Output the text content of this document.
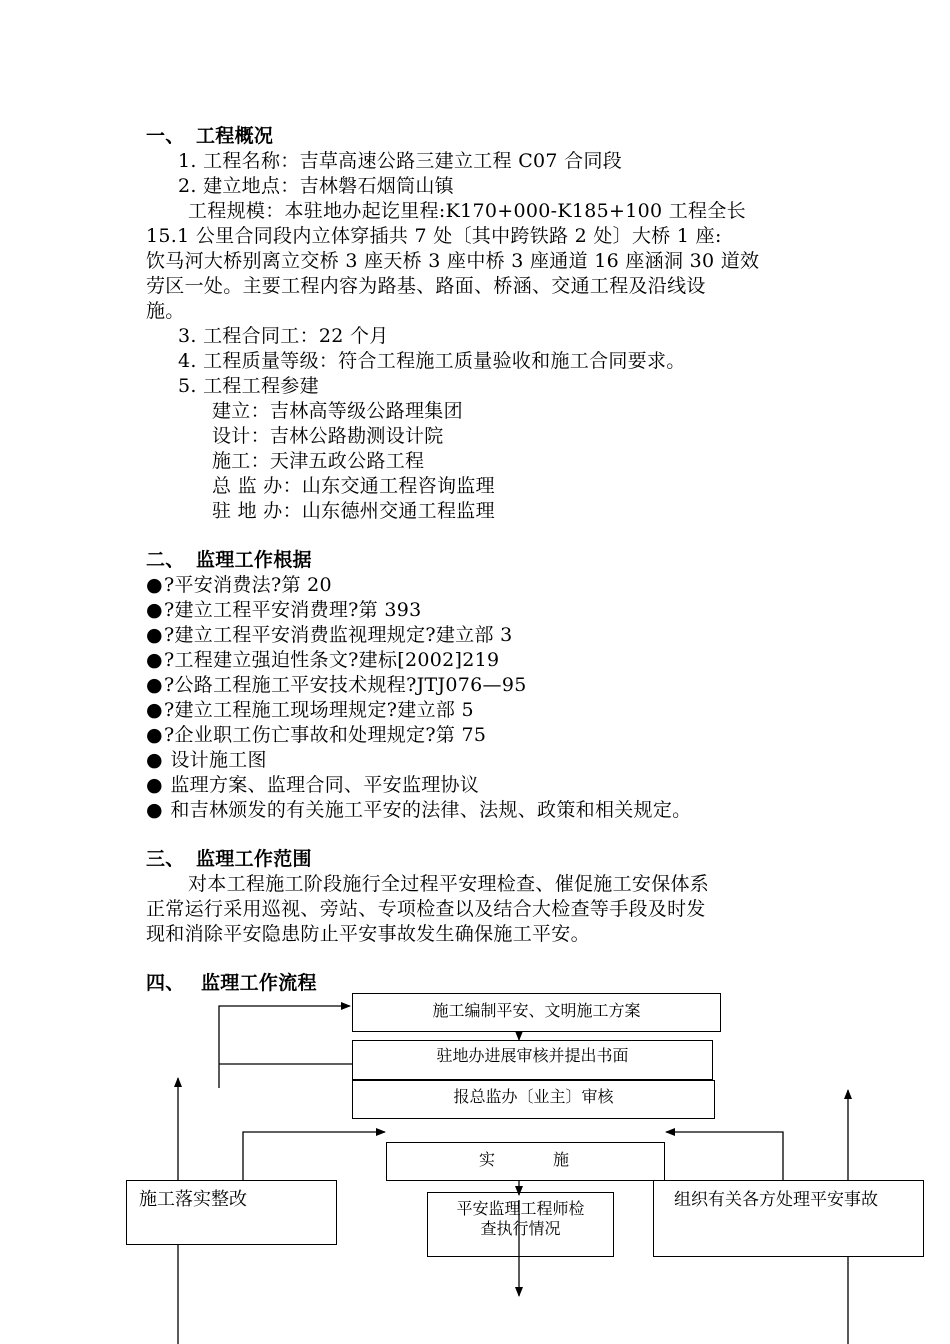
一、 工程概况
1. 工程名称：吉草高速公路三建立工程 C07 合同段
2. 建立地点：吉林磐石烟筒山镇
工程规模：本驻地办起讫里程:K170+000-K185+100 工程全长
15.1 公里合同段内立体穿插共 7 处〔其中跨铁路 2 处〕大桥 1 座:
饮马河大桥别离立交桥 3 座天桥 3 座中桥 3 座通道 16 座涵洞 30 道效
劳区一处。主要工程内容为路基、路面、桥涵、交通工程及沿线设
施。
3. 工程合同工：22 个月
4. 工程质量等级：符合工程施工质量验收和施工合同要求。
5. 工程工程参建
建立：吉林高等级公路理集团
设计：吉林公路勘测设计院
施工：天津五政公路工程
总 监 办：山东交通工程咨询监理
驻 地 办：山东德州交通工程监理
二、 监理工作根据
●?平安消费法?第 20
●?建立工程平安消费理?第 393
●?建立工程平安消费监视理规定?建立部 3
●?工程建立强迫性条文?建标[2002]219
●?公路工程施工平安技术规程?JTJ076—95
●?建立工程施工现场理规定?建立部 5
●?企业职工伤亡事故和处理规定?第 75
● 设计施工图
● 监理方案、监理合同、平安监理协议
● 和吉林颁发的有关施工平安的法律、法规、政策和相关规定。
三、 监理工作范围
对本工程施工阶段施行全过程平安理检查、催促施工安保体系
正常运行采用巡视、旁站、专项检查以及结合大检查等手段及时发
现和消除平安隐患防止平安事故发生确保施工平安。
四、 监理工作流程
施工编制平安、文明施工方案
驻地办进展审核并提出书面
报总监办〔业主〕审核
实	施
施工落实整改	平安监理工程师检
查执行情况
组织有关各方处理平安事故
